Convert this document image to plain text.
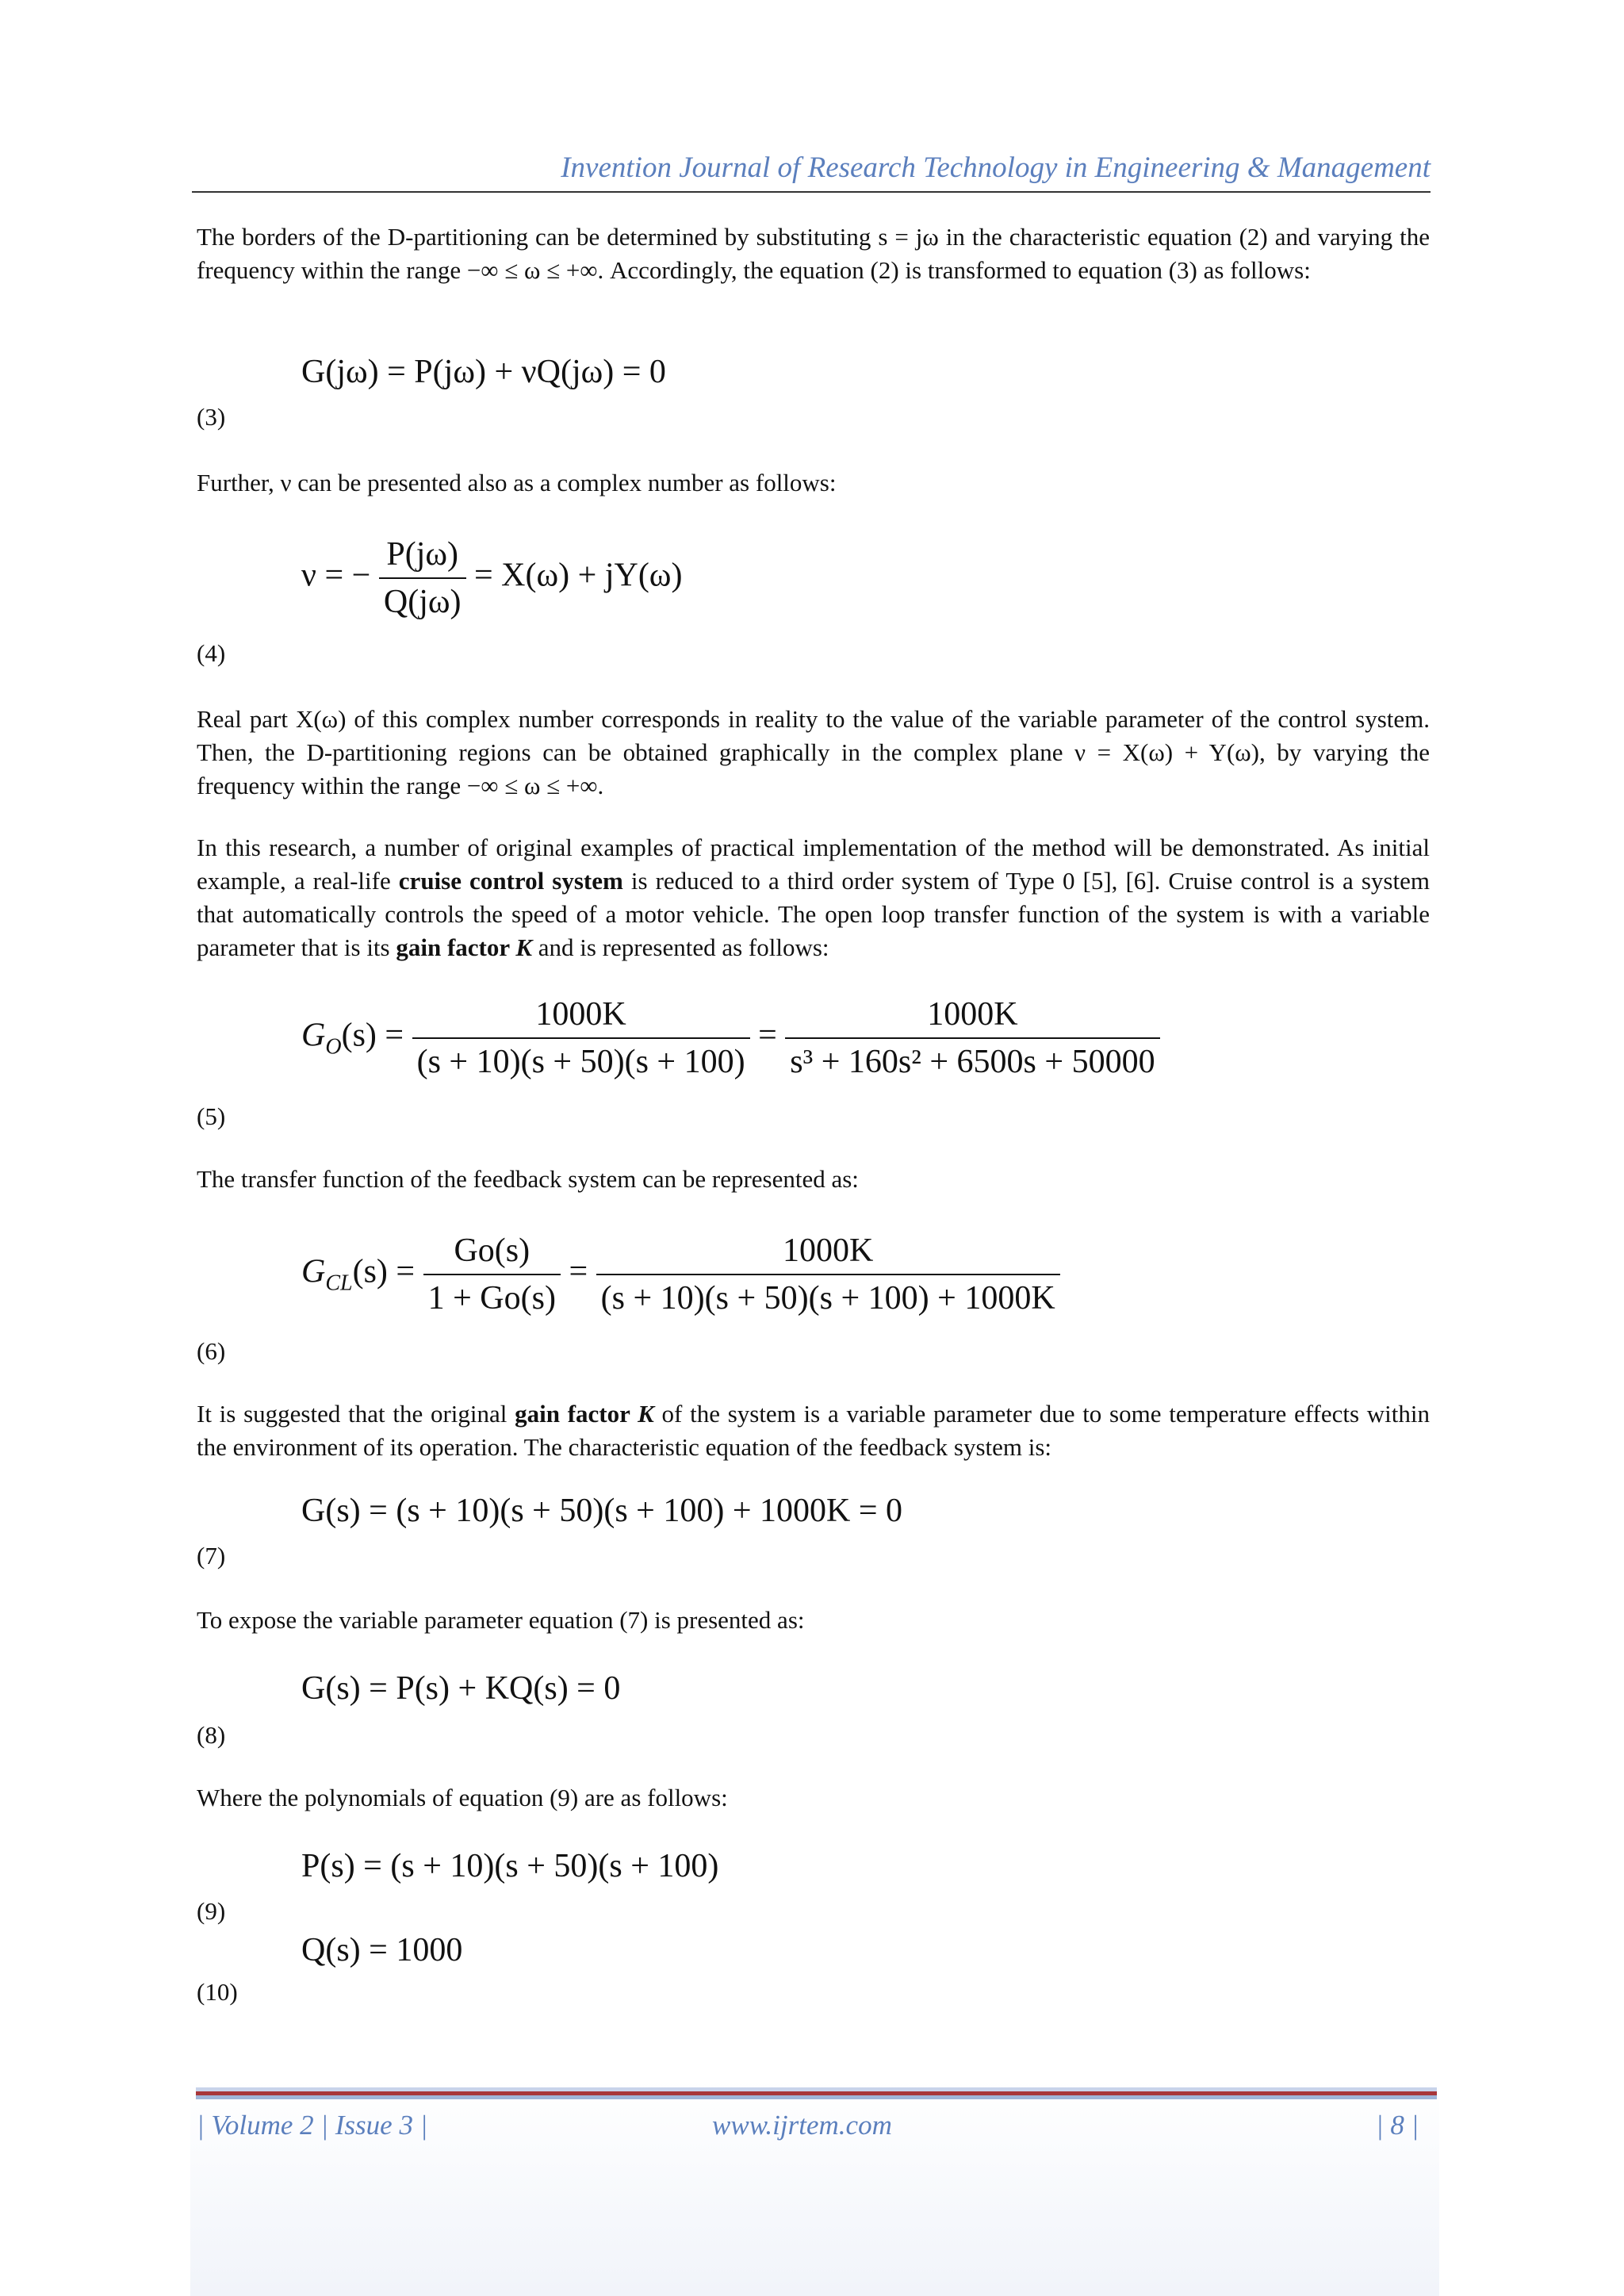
Invention Journal of Research Technology in Engineering & Management

The borders of the D-partitioning can be determined by substituting s = jω in the characteristic equation (2) and varying the frequency within the range −∞ ≤ ω ≤ +∞. Accordingly, the equation (2) is transformed to equation (3) as follows:

G(jω) = P(jω) + νQ(jω) = 0
(3)

Further, ν can be presented also as a complex number as follows:

ν = − $\frac{P(j\omega)}{Q(j\omega)} = X(\omega) + jY(\omega)$
(4)

Real part X(ω) of this complex number corresponds in reality to the value of the variable parameter of the control system. Then, the D-partitioning regions can be obtained graphically in the complex plane ν = X(ω) + Y(ω), by varying the frequency within the range −∞ ≤ ω ≤ +∞.

In this research, a number of original examples of practical implementation of the method will be demonstrated. As initial example, a real-life cruise control system is reduced to a third order system of Type 0 [5], [6]. Cruise control is a system that automatically controls the speed of a motor vehicle. The open loop transfer function of the system is with a variable parameter that is its gain factor K and is represented as follows:

$G_O(s) = \frac{1000K}{(s + 10)(s + 50)(s + 100)} = \frac{1000K}{\text{s³ + 160s² + 6500s + 50000}}$
(5)

The transfer function of the feedback system can be represented as:

$G_{CL}(s) = \frac{Go(s)}{1 + Go(s)} = \frac{1000K}{(s + 10)(s + 50)(s + 100) + 1000K}$
(6)

It is suggested that the original gain factor K of the system is a variable parameter due to some temperature effects within the environment of its operation. The characteristic equation of the feedback system is:

G(s) = (s + 10)(s + 50)(s + 100) + 1000K = 0
(7)

To expose the variable parameter equation (7) is presented as:

G(s) = P(s) + KQ(s) = 0
(8)

Where the polynomials of equation (9) are as follows:

P(s) = (s + 10)(s + 50)(s + 100)
(9)
Q(s) = 1000
(10)
| Volume 2 | Issue 3 |	www.ijrtem.com	| 8 |
